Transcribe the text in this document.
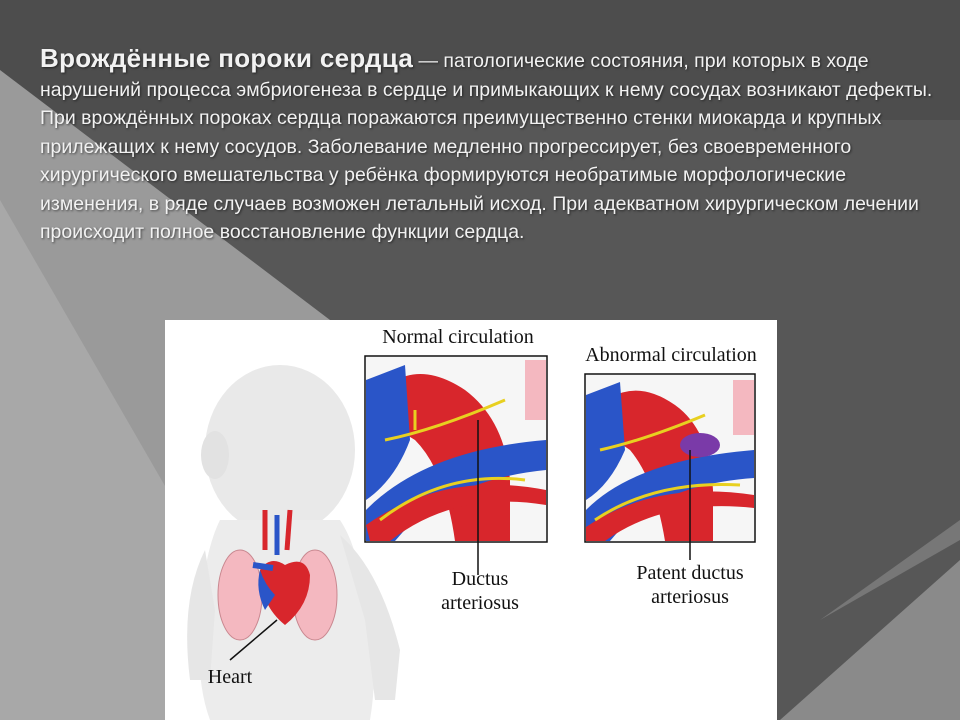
Врождённые пороки сердца — патологические состояния, при которых в ходе нарушений процесса эмбриогенеза в сердце и примыкающих к нему сосудах возникают дефекты. При врождённых пороках сердца поражаются преимущественно стенки миокарда и крупных прилежащих к нему сосудов. Заболевание медленно прогрессирует, без своевременного хирургического вмешательства у ребёнка формируются необратимые морфологические изменения, в ряде случаев возможен летальный исход. При адекватном хирургическом лечении происходит полное восстановление функции сердца.
Normal circulation
Abnormal circulation
Ductus
arteriosus
Patent ductus
arteriosus
Heart
